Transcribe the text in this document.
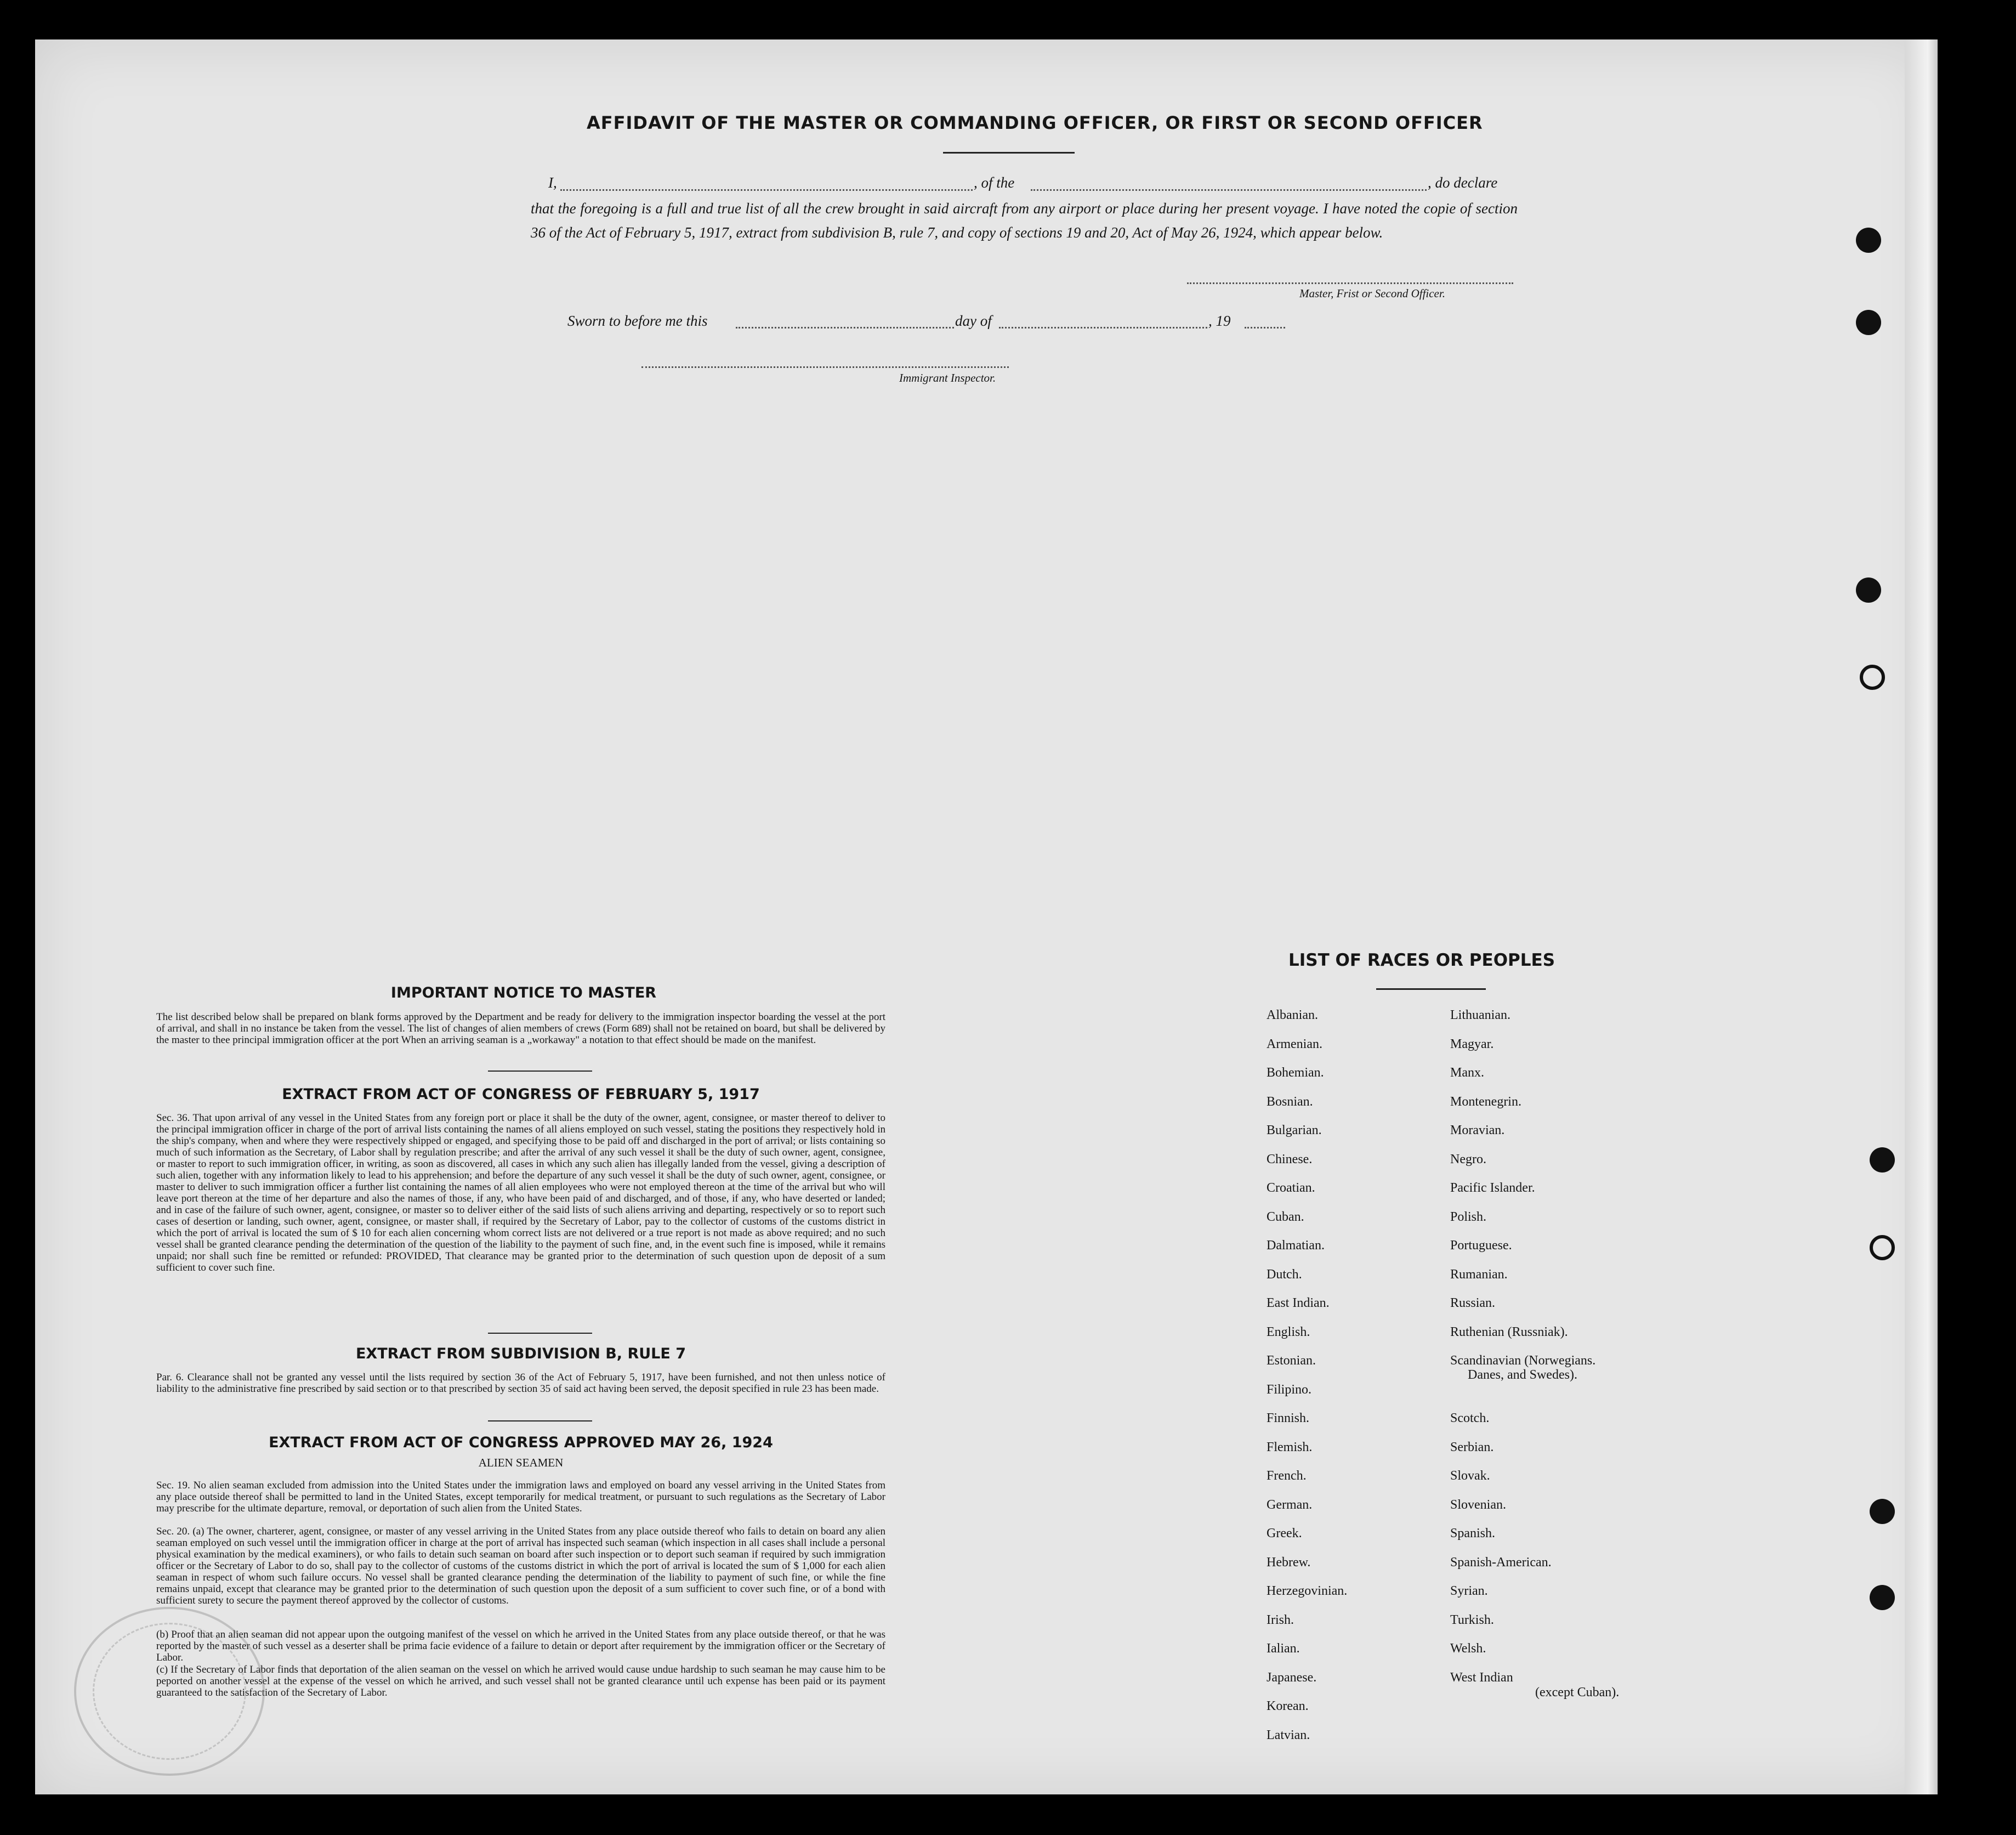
AFFIDAVIT OF THE MASTER OR COMMANDING OFFICER, OR FIRST OR SECOND OFFICER
I,	, of the	, do declare
that the foregoing is a full and true list of all the crew brought in said aircraft from any airport or place during her present voyage. I have noted the copie of section 36 of the Act of February 5, 1917, extract from subdivision B, rule 7, and copy of sections 19 and 20, Act of May 26, 1924, which appear below.
Master, Frist or Second Officer.
Sworn to before me this	day of	, 19
Immigrant Inspector.
IMPORTANT NOTICE TO MASTER
The list described below shall be prepared on blank forms approved by the Department and be ready for delivery to the immigration inspector boarding the vessel at the port of arrival, and shall in no instance be taken from the vessel. The list of changes of alien members of crews (Form 689) shall not be retained on board, but shall be delivered by the master to thee principal immigration officer at the port When an arriving seaman is a „workaway" a notation to that effect should be made on the manifest.
EXTRACT FROM ACT OF CONGRESS OF FEBRUARY 5, 1917
Sec. 36. That upon arrival of any vessel in the United States from any foreign port or place it shall be the duty of the owner, agent, consignee, or master thereof to deliver to the principal immigration officer in charge of the port of arrival lists containing the names of all aliens employed on such vessel, stating the positions they respectively hold in the ship's company, when and where they were respectively shipped or engaged, and specifying those to be paid off and discharged in the port of arrival; or lists containing so much of such information as the Secretary, of Labor shall by regulation prescribe; and after the arrival of any such vessel it shall be the duty of such owner, agent, consignee, or master to report to such immigration officer, in writing, as soon as discovered, all cases in which any such alien has illegally landed from the vessel, giving a description of such alien, together with any information likely to lead to his apprehension; and before the departure of any such vessel it shall be the duty of such owner, agent, consignee, or master to deliver to such immigration officer a further list containing the names of all alien employees who were not employed thereon at the time of the arrival but who will leave port thereon at the time of her departure and also the names of those, if any, who have been paid of and discharged, and of those, if any, who have deserted or landed; and in case of the failure of such owner, agent, consignee, or master so to deliver either of the said lists of such aliens arriving and departing, respectively or so to report such cases of desertion or landing, such owner, agent, consignee, or master shall, if required by the Secretary of Labor, pay to the collector of customs of the customs district in which the port of arrival is located the sum of $ 10 for each alien concerning whom correct lists are not delivered or a true report is not made as above required; and no such vessel shall be granted clearance pending the determination of the question of the liability to the payment of such fine, and, in the event such fine is imposed, while it remains unpaid; nor shall such fine be remitted or refunded: PROVIDED, That clearance may be granted prior to the determination of such question upon de deposit of a sum sufficient to cover such fine.
EXTRACT FROM SUBDIVISION B, RULE 7
Par. 6. Clearance shall not be granted any vessel until the lists required by section 36 of the Act of February 5, 1917, have been furnished, and not then unless notice of liability to the administrative fine prescribed by said section or to that prescribed by section 35 of said act having been served, the deposit specified in rule 23 has been made.
EXTRACT FROM ACT OF CONGRESS APPROVED MAY 26, 1924
ALIEN SEAMEN
Sec. 19. No alien seaman excluded from admission into the United States under the immigration laws and employed on board any vessel arriving in the United States from any place outside thereof shall be permitted to land in the United States, except temporarily for medical treatment, or pursuant to such regulations as the Secretary of Labor may prescribe for the ultimate departure, removal, or deportation of such alien from the United States.
Sec. 20. (a) The owner, charterer, agent, consignee, or master of any vessel arriving in the United States from any place outside thereof who fails to detain on board any alien seaman employed on such vessel until the immigration officer in charge at the port of arrival has inspected such seaman (which inspection in all cases shall include a personal physical examination by the medical examiners), or who fails to detain such seaman on board after such inspection or to deport such seaman if required by such immigration officer or the Secretary of Labor to do so, shall pay to the collector of customs of the customs district in which the port of arrival is located the sum of $ 1,000 for each alien seaman in respect of whom such failure occurs. No vessel shall be granted clearance pending the determination of the liability to payment of such fine, or while the fine remains unpaid, except that clearance may be granted prior to the determination of such question upon the deposit of a sum sufficient to cover such fine, or of a bond with sufficient surety to secure the payment thereof approved by the collector of customs.
(b) Proof that an alien seaman did not appear upon the outgoing manifest of the vessel on which he arrived in the United States from any place outside thereof, or that he was reported by the master of such vessel as a deserter shall be prima facie evidence of a failure to detain or deport after requirement by the immigration officer or the Secretary of Labor.
(c) If the Secretary of Labor finds that deportation of the alien seaman on the vessel on which he arrived would cause undue hardship to such seaman he may cause him to be peported on another vessel at the expense of the vessel on which he arrived, and such vessel shall not be granted clearance until uch expense has been paid or its payment guaranteed to the satisfaction of the Secretary of Labor.
LIST OF RACES OR PEOPLES
Albanian.
Armenian.
Bohemian.
Bosnian.
Bulgarian.
Chinese.
Croatian.
Cuban.
Dalmatian.
Dutch.
East Indian.
English.
Estonian.
Filipino.
Finnish.
Flemish.
French.
German.
Greek.
Hebrew.
Herzegovinian.
Irish.
Ialian.
Japanese.
Korean.
Latvian.
Lithuanian.
Magyar.
Manx.
Montenegrin.
Moravian.
Negro.
Pacific Islander.
Polish.
Portuguese.
Rumanian.
Russian.
Ruthenian (Russniak).
Scandinavian (Norwegians.
Danes, and Swedes).
Scotch.
Serbian.
Slovak.
Slovenian.
Spanish.
Spanish-American.
Syrian.
Turkish.
Welsh.
West Indian
(except Cuban).
